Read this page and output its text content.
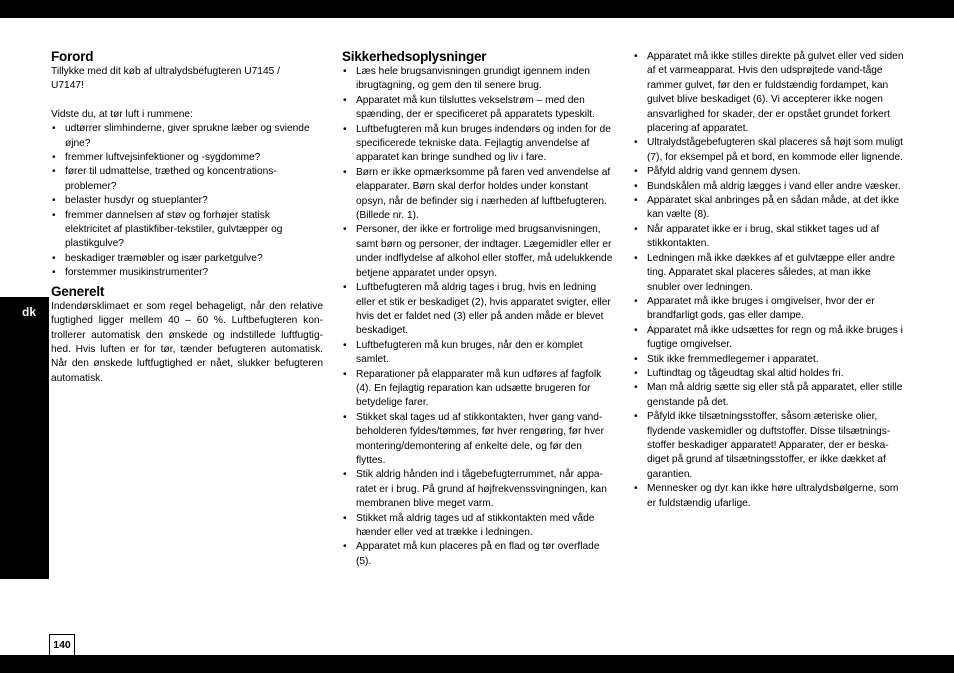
dk
Forord

Tillykke med dit køb af ultralydsbefugteren U7145 / U7147!

Vidste du, at tør luft i rummene:

• udtørrer slimhinderne, giver sprukne læber og sviende øjne?
• fremmer luftvejsinfektioner og -sygdomme?
• fører til udmattelse, træthed og koncentrations-problemer?
• belaster husdyr og stueplanter?
• fremmer dannelsen af støv og forhøjer statisk elektricitet af plastikfiber-tekstiler, gulvtæpper og plastikgulve?
• beskadiger træmøbler og især parketgulve?
• forstemmer musikinstrumenter?
Generelt

Indendørsklimaet er som regel behageligt, når den relative fugtighed ligger mellem 40 – 60 %. Luftbefugteren kon-trollerer automatisk den ønskede og indstillede luftfugtig-hed. Hvis luften er for tør, tænder befugteren automatisk. Når den ønskede luftfugtighed er nået, slukker befugteren automatisk.

Sikkerhedsoplysninger
• Læs hele brugsanvisningen grundigt igennem inden ibrugtagning, og gem den til senere brug.
• Apparatet må kun tilsluttes vekselstrøm – med den spænding, der er specificeret på apparatets typeskilt.
• Luftbefugteren må kun bruges indendørs og inden for de specificerede tekniske data. Fejlagtig anvendelse af apparatet kan bringe sundhed og liv i fare.
• Børn er ikke opmærksomme på faren ved anvendelse af elapparater. Børn skal derfor holdes under konstant opsyn, når de befinder sig i nærheden af luftbefugteren. (Billede nr. 1).
• Personer, der ikke er fortrolige med brugsanvisningen, samt børn og personer, der indtager. Lægemidler eller er under indflydelse af alkohol eller stoffer, må udelukkende betjene apparatet under opsyn.
• Luftbefugteren må aldrig tages i brug, hvis en ledning eller et stik er beskadiget (2), hvis apparatet svigter, eller hvis det er faldet ned (3) eller på anden måde er blevet beskadiget.
• Luftbefugteren må kun bruges, når den er komplet samlet.
• Reparationer på elapparater må kun udføres af fagfolk (4). En fejlagtig reparation kan udsætte brugeren for betydelige farer.
• Stikket skal tages ud af stikkontakten, hver gang vand-beholderen fyldes/tømmes, før hver rengøring, før hver montering/demontering af enkelte dele, og før den flyttes.
• Stik aldrig hånden ind i tågebefugterrummet, når appa-ratet er i brug. På grund af højfrekvenssvingningen, kan membranen blive meget varm.
• Stikket må aldrig tages ud af stikkontakten med våde hænder eller ved at trække i ledningen.
• Apparatet må kun placeres på en flad og tør overflade (5).
• Apparatet må ikke stilles direkte på gulvet eller ved siden af et varmeapparat. Hvis den udsprøjtede vand-tåge rammer gulvet, før den er fuldstændig fordampet, kan gulvet blive beskadiget (6). Vi accepterer ikke nogen ansvarlighed for skader, der er opstået grundet forkert placering af apparatet.
• Ultralydstågebefugteren skal placeres så højt som muligt (7), for eksempel på et bord, en kommode eller lignende.
• Påfyld aldrig vand gennem dysen.
• Bundskålen må aldrig lægges i vand eller andre væsker.
• Apparatet skal anbringes på en sådan måde, at det ikke kan vælte (8).
• Når apparatet ikke er i brug, skal stikket tages ud af stikkontakten.
• Ledningen må ikke dækkes af et gulvtæppe eller andre ting. Apparatet skal placeres således, at man ikke snubler over ledningen.
• Apparatet må ikke bruges i omgivelser, hvor der er brandfarligt gods, gas eller dampe.
• Apparatet må ikke udsættes for regn og må ikke bruges i fugtige omgivelser.
• Stik ikke fremmedlegemer i apparatet.
• Luftindtag og tågeudtag skal altid holdes fri.
• Man må aldrig sætte sig eller stå på apparatet, eller stille genstande på det.
• Påfyld ikke tilsætningsstoffer, såsom æteriske olier, flydende vaskemidler og duftstoffer. Disse tilsætnings-stoffer beskadiger apparatet! Apparater, der er beska-diget på grund af tilsætningsstoffer, er ikke dækket af garantien.
• Mennesker og dyr kan ikke høre ultralydsbølgerne, som er fuldstændig ufarlige.
140
